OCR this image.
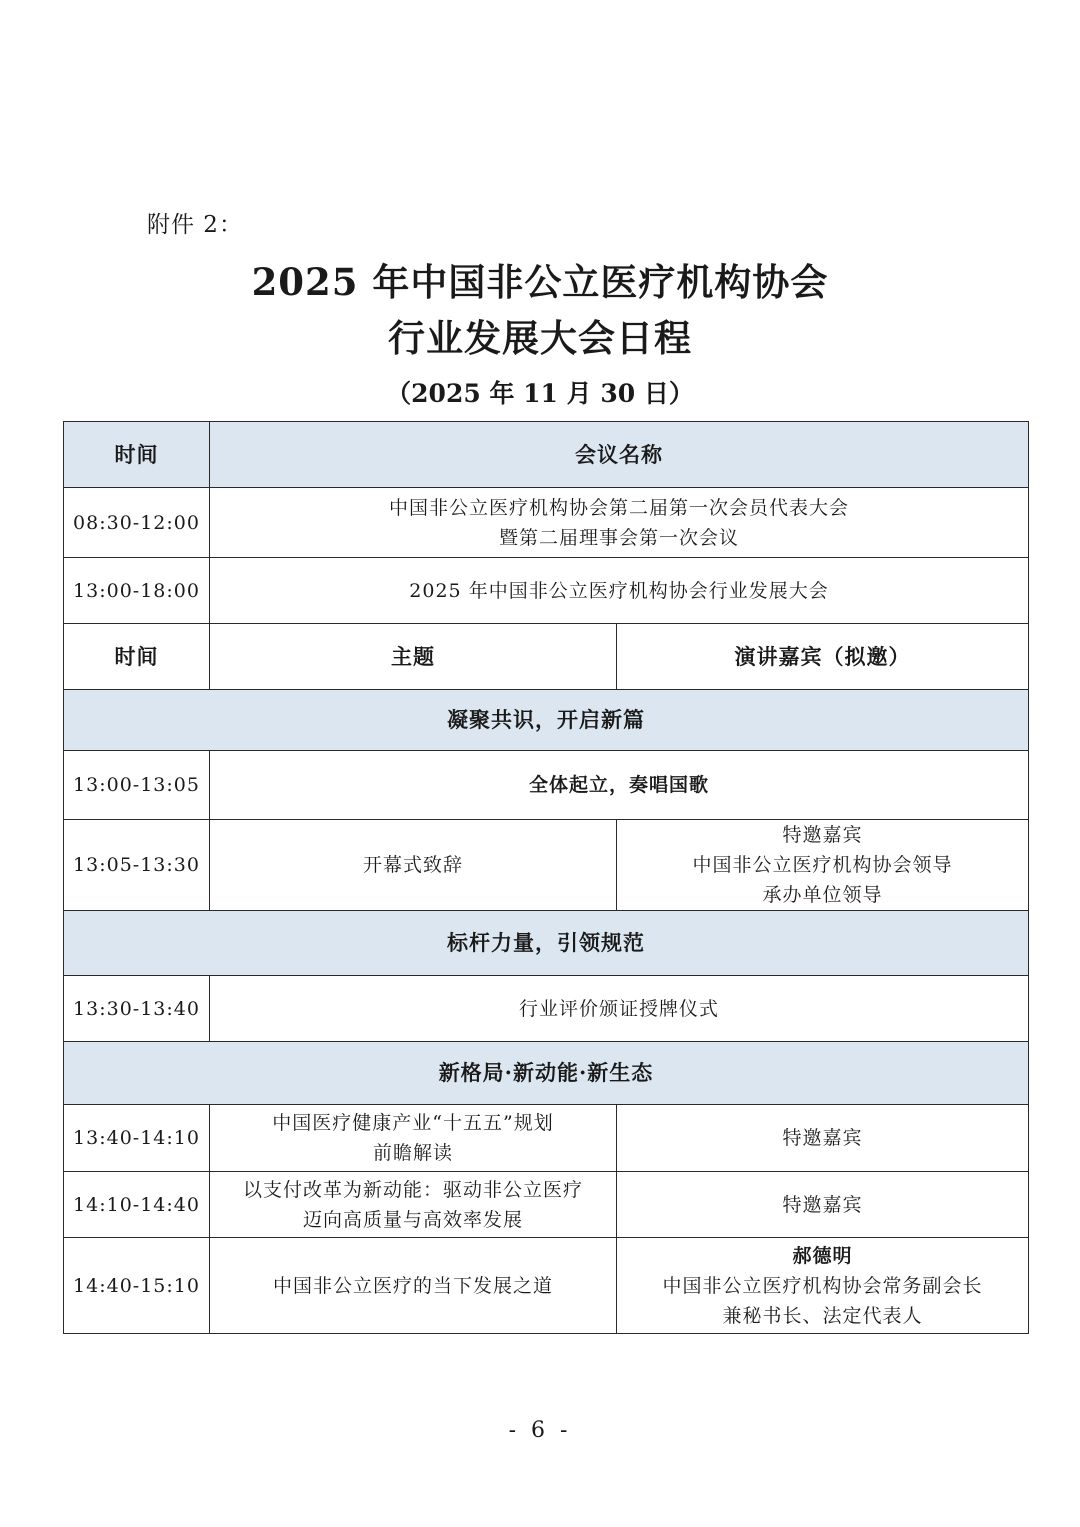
附件 2：
2025 年中国非公立医疗机构协会
行业发展大会日程
（2025 年 11 月 30 日）
时间	会议名称	
08:30-12:00	中国非公立医疗机构协会第二届第一次会员代表大会
暨第二届理事会第一次会议	

13:00-18:00	2025 年中国非公立医疗机构协会行业发展大会	
时间	主题	演讲嘉宾（拟邀）
凝聚共识，开启新篇		
13:00-13:05	全体起立，奏唱国歌	
13:05-13:30	开幕式致辞	特邀嘉宾
中国非公立医疗机构协会领导
承办单位领导

标杆力量，引领规范		
13:30-13:40	行业评价颁证授牌仪式	
新格局·新动能·新生态		
13:40-14:10	中国医疗健康产业“十五五”规划
前瞻解读	特邀嘉宾
14:10-14:40	以支付改革为新动能：驱动非公立医疗
迈向高质量与高效率发展	特邀嘉宾
14:40-15:10	中国非公立医疗的当下发展之道	郝德明
中国非公立医疗机构协会常务副会长
兼秘书长、法定代表人
- 6 -
